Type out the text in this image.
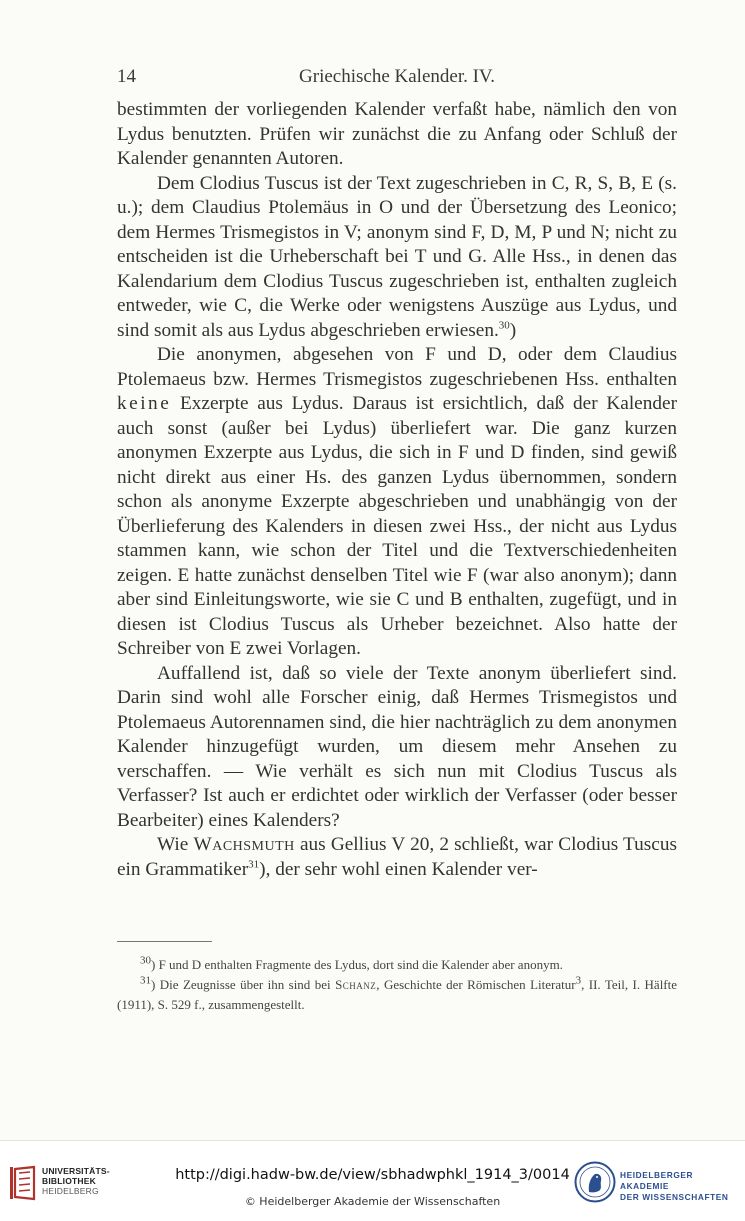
14	Griechische Kalender. IV.

bestimmten der vorliegenden Kalender verfaßt habe, nämlich den von Lydus benutzten. Prüfen wir zunächst die zu Anfang oder Schluß der Kalender genannten Autoren.

Dem Clodius Tuscus ist der Text zugeschrieben in C, R, S, B, E (s. u.); dem Claudius Ptolemäus in O und der Übersetzung des Leonico; dem Hermes Trismegistos in V; anonym sind F, D, M, P und N; nicht zu entscheiden ist die Urheberschaft bei T und G. Alle Hss., in denen das Kalendarium dem Clodius Tuscus zugeschrieben ist, enthalten zugleich entweder, wie C, die Werke oder wenigstens Auszüge aus Lydus, und sind somit als aus Lydus abgeschrieben erwiesen.$^{30}$)

Die anonymen, abgesehen von F und D, oder dem Claudius Ptolemaeus bzw. Hermes Trismegistos zugeschriebenen Hss. enthalten keine Exzerpte aus Lydus. Daraus ist ersichtlich, daß der Kalender auch sonst (außer bei Lydus) überliefert war. Die ganz kurzen anonymen Exzerpte aus Lydus, die sich in F und D finden, sind gewiß nicht direkt aus einer Hs. des ganzen Lydus übernommen, sondern schon als anonyme Exzerpte abgeschrieben und unabhängig von der Überlieferung des Kalenders in diesen zwei Hss., der nicht aus Lydus stammen kann, wie schon der Titel und die Textverschiedenheiten zeigen. E hatte zunächst denselben Titel wie F (war also anonym); dann aber sind Einleitungsworte, wie sie C und B enthalten, zugefügt, und in diesen ist Clodius Tuscus als Urheber bezeichnet. Also hatte der Schreiber von E zwei Vorlagen.

Auffallend ist, daß so viele der Texte anonym überliefert sind. Darin sind wohl alle Forscher einig, daß Hermes Trismegistos und Ptolemaeus Autorennamen sind, die hier nachträglich zu dem anonymen Kalender hinzugefügt wurden, um diesem mehr Ansehen zu verschaffen. — Wie verhält es sich nun mit Clodius Tuscus als Verfasser? Ist auch er erdichtet oder wirklich der Verfasser (oder besser Bearbeiter) eines Kalenders?

Wie Wachsmuth aus Gellius V 20, 2 schließt, war Clodius Tuscus ein Grammatiker$^{31}$), der sehr wohl einen Kalender ver-

$^{30}$) F und D enthalten Fragmente des Lydus, dort sind die Kalender aber anonym.

$^{31}$) Die Zeugnisse über ihn sind bei Schanz, Geschichte der Römischen Literatur$^3$, II. Teil, I. Hälfte (1911), S. 529 f., zusammengestellt.

UNIVERSITÄTS-
BIBLIOTHEK
HEIDELBERG
http://digi.hadw-bw.de/view/sbhadwphkl_1914_3/0014
© Heidelberger Akademie der Wissenschaften
HEIDELBERGER AKADEMIE
DER WISSENSCHAFTEN
